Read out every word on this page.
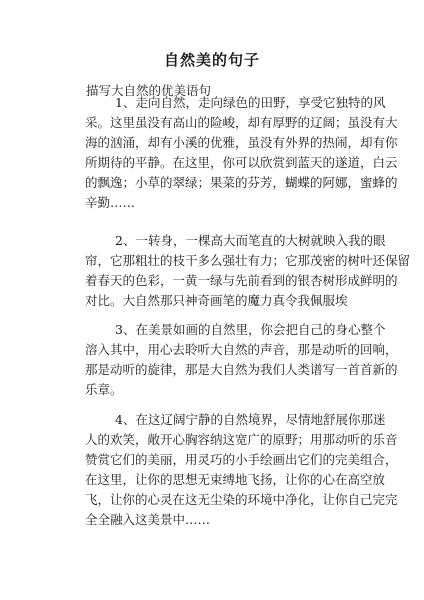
自然美的句子
描写大自然的优美语句
1、走向自然，走向绿色的田野，享受它独特的风
采。这里虽没有高山的险峻，却有厚野的辽阔；虽没有大
海的汹涌，却有小溪的优雅，虽没有外界的热闹，却有你
所期待的平静。在这里，你可以欣赏到蓝天的遂道，白云
的飘逸；小草的翠绿；果菜的芬芳，蝴蝶的阿娜，蜜蜂的
辛勤……
2、一转身，一棵高大而笔直的大树就映入我的眼
帘，它那粗壮的枝干多么强壮有力；它那茂密的树叶还保留
着春天的色彩，一黄一绿与先前看到的银杏树形成鲜明的
对比。大自然那只神奇画笔的魔力真令我佩服埃
3、在美景如画的自然里，你会把自己的身心整个
溶入其中，用心去聆听大自然的声音，那是动听的回响，
那是动听的旋律，那是大自然为我们人类谱写一首首新的
乐章。
4、在这辽阔宁静的自然境界，尽情地舒展你那迷
人的欢笑，敞开心胸容纳这宽广的原野；用那动听的乐音
赞赏它们的美丽，用灵巧的小手绘画出它们的完美组合，
在这里，让你的思想无束缚地飞扬，让你的心在高空放
飞，让你的心灵在这无尘染的环境中净化，让你自己完完
全全融入这美景中……
